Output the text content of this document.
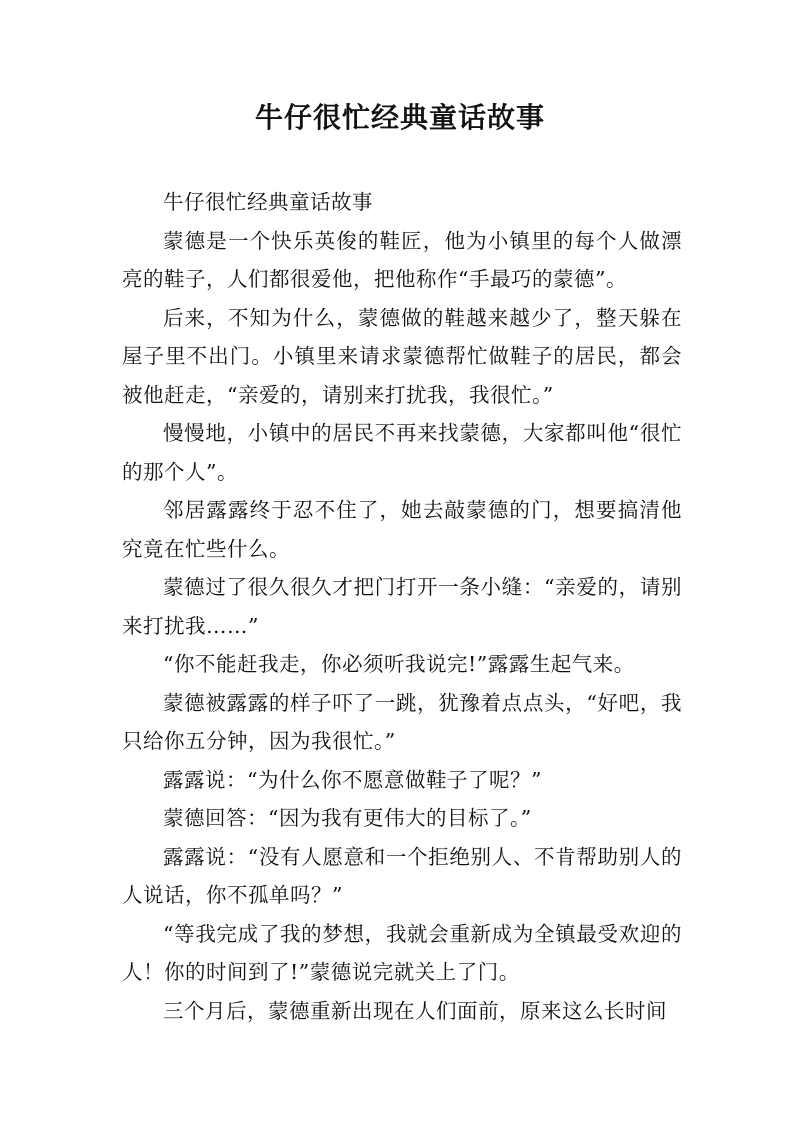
牛仔很忙经典童话故事

牛仔很忙经典童话故事

蒙德是一个快乐英俊的鞋匠，他为小镇里的每个人做漂亮的鞋子，人们都很爱他，把他称作“手最巧的蒙德”。

后来，不知为什么，蒙德做的鞋越来越少了，整天躲在屋子里不出门。小镇里来请求蒙德帮忙做鞋子的居民，都会被他赶走，“亲爱的，请别来打扰我，我很忙。”

慢慢地，小镇中的居民不再来找蒙德，大家都叫他“很忙的那个人”。

邻居露露终于忍不住了，她去敲蒙德的门，想要搞清他究竟在忙些什么。

蒙德过了很久很久才把门打开一条小缝：“亲爱的，请别来打扰我……”

“你不能赶我走，你必须听我说完!”露露生起气来。

蒙德被露露的样子吓了一跳，犹豫着点点头，“好吧，我只给你五分钟，因为我很忙。”

露露说：“为什么你不愿意做鞋子了呢？”

蒙德回答：“因为我有更伟大的目标了。”

露露说：“没有人愿意和一个拒绝别人、不肯帮助别人的人说话，你不孤单吗？”

“等我完成了我的梦想，我就会重新成为全镇最受欢迎的人！你的时间到了!”蒙德说完就关上了门。

三个月后，蒙德重新出现在人们面前，原来这么长时间
